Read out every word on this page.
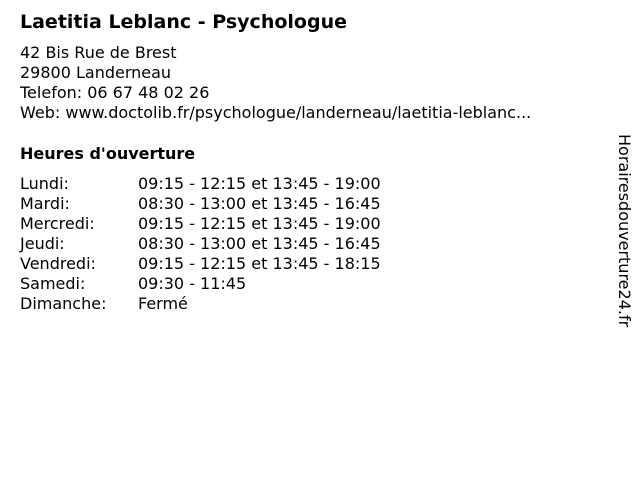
Laetitia Leblanc - Psychologue
42 Bis Rue de Brest
29800 Landerneau
Telefon: 06 67 48 02 26
Web: www.doctolib.fr/psychologue/landerneau/laetitia-leblanc...
Heures d'ouverture
Lundi:	09:15 - 12:15 et 13:45 - 19:00
Mardi:	08:30 - 13:00 et 13:45 - 16:45
Mercredi:	09:15 - 12:15 et 13:45 - 19:00
Jeudi:	08:30 - 13:00 et 13:45 - 16:45
Vendredi:	09:15 - 12:15 et 13:45 - 18:15
Samedi:	09:30 - 11:45
Dimanche:	Fermé	Horairesdouverture24.fr
